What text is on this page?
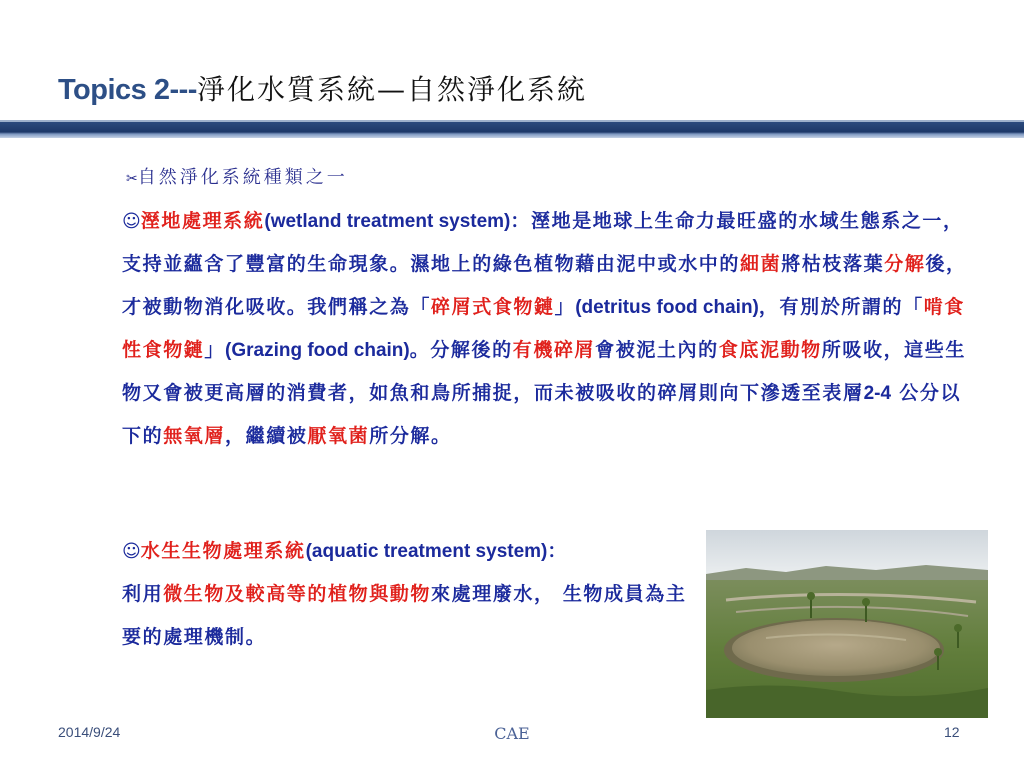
Topics 2---淨化水質系統—自然淨化系統
✂自然淨化系統種類之一
☺溼地處理系統(wetland treatment system)：溼地是地球上生命力最旺盛的水域生態系之一，支持並蘊含了豐富的生命現象。濕地上的綠色植物藉由泥中或水中的細菌將枯枝落葉分解後，才被動物消化吸收。我們稱之為「碎屑式食物鏈」(detritus food chain)，有別於所謂的「啃食性食物鏈」(Grazing food chain)。分解後的有機碎屑會被泥土內的食底泥動物所吸收，這些生物又會被更高層的消費者，如魚和鳥所捕捉，而未被吸收的碎屑則向下滲透至表層2-4 公分以下的無氧層，繼續被厭氧菌所分解。
☺水生生物處理系統(aquatic treatment system)：
利用微生物及較高等的植物與動物來處理廢水， 生物成員為主要的處理機制。
2014/9/24	CAE	12
